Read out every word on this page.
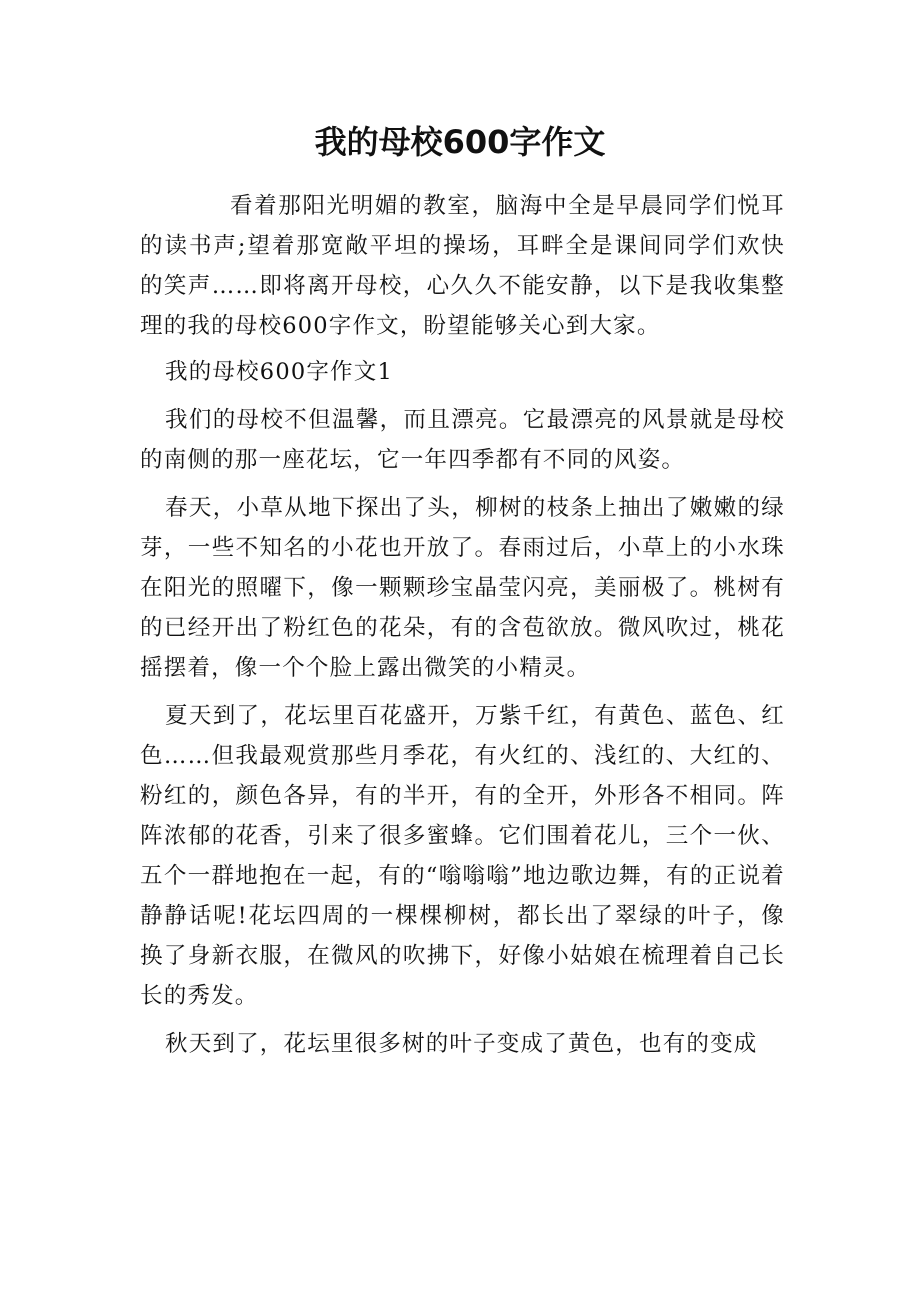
我的母校600字作文

看着那阳光明媚的教室，脑海中全是早晨同学们悦耳的读书声;望着那宽敞平坦的操场，耳畔全是课间同学们欢快的笑声……即将离开母校，心久久不能安静，以下是我收集整理的我的母校600字作文，盼望能够关心到大家。

我的母校600字作文1

我们的母校不但温馨，而且漂亮。它最漂亮的风景就是母校的南侧的那一座花坛，它一年四季都有不同的风姿。

春天，小草从地下探出了头，柳树的枝条上抽出了嫩嫩的绿芽，一些不知名的小花也开放了。春雨过后，小草上的小水珠在阳光的照曜下，像一颗颗珍宝晶莹闪亮，美丽极了。桃树有的已经开出了粉红色的花朵，有的含苞欲放。微风吹过，桃花摇摆着，像一个个脸上露出微笑的小精灵。

夏天到了，花坛里百花盛开，万紫千红，有黄色、蓝色、红色……但我最观赏那些月季花，有火红的、浅红的、大红的、粉红的，颜色各异，有的半开，有的全开，外形各不相同。阵阵浓郁的花香，引来了很多蜜蜂。它们围着花儿，三个一伙、五个一群地抱在一起，有的“嗡嗡嗡”地边歌边舞，有的正说着静静话呢!花坛四周的一棵棵柳树，都长出了翠绿的叶子，像换了身新衣服，在微风的吹拂下，好像小姑娘在梳理着自己长长的秀发。

秋天到了，花坛里很多树的叶子变成了黄色，也有的变成
